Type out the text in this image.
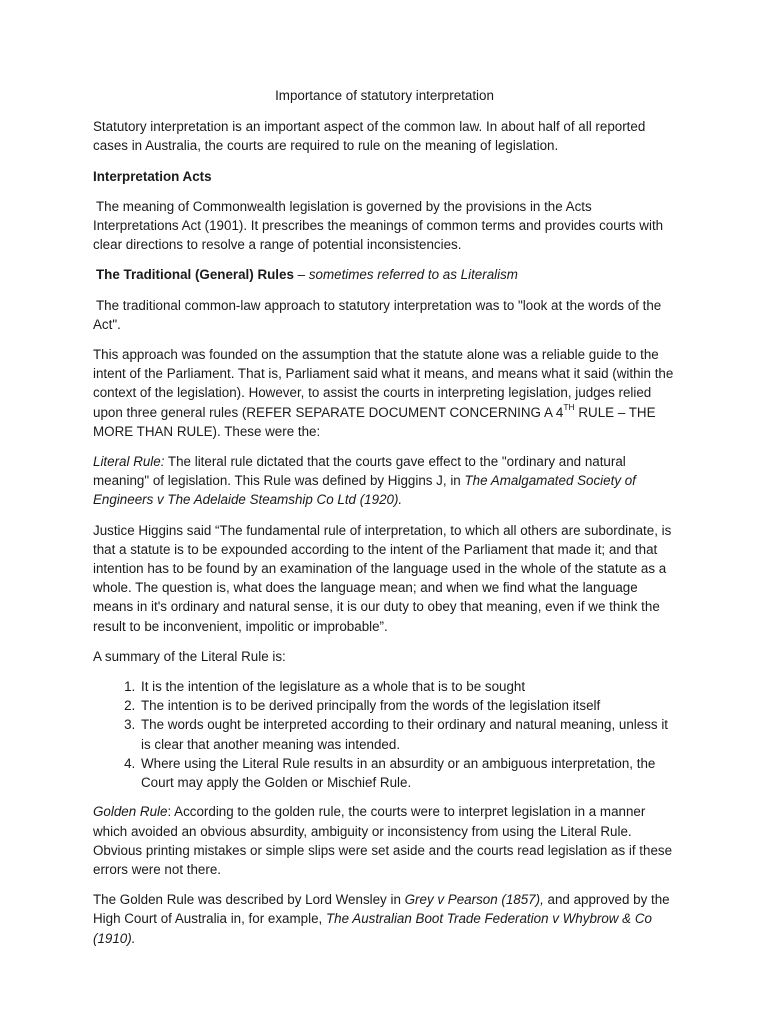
Importance of statutory interpretation

Statutory interpretation is an important aspect of the common law. In about half of all reported cases in Australia, the courts are required to rule on the meaning of legislation.

Interpretation Acts

The meaning of Commonwealth legislation is governed by the provisions in the Acts Interpretations Act (1901). It prescribes the meanings of common terms and provides courts with clear directions to resolve a range of potential inconsistencies.

The Traditional (General) Rules – sometimes referred to as Literalism

The traditional common-law approach to statutory interpretation was to "look at the words of the Act".

This approach was founded on the assumption that the statute alone was a reliable guide to the intent of the Parliament. That is, Parliament said what it means, and means what it said (within the context of the legislation). However, to assist the courts in interpreting legislation, judges relied upon three general rules (REFER SEPARATE DOCUMENT CONCERNING A 4TH RULE – THE MORE THAN RULE). These were the:

Literal Rule: The literal rule dictated that the courts gave effect to the "ordinary and natural meaning" of legislation. This Rule was defined by Higgins J, in The Amalgamated Society of Engineers v The Adelaide Steamship Co Ltd (1920).

Justice Higgins said “The fundamental rule of interpretation, to which all others are subordinate, is that a statute is to be expounded according to the intent of the Parliament that made it; and that intention has to be found by an examination of the language used in the whole of the statute as a whole. The question is, what does the language mean; and when we find what the language means in it's ordinary and natural sense, it is our duty to obey that meaning, even if we think the result to be inconvenient, impolitic or improbable”.

A summary of the Literal Rule is:

1. It is the intention of the legislature as a whole that is to be sought
2. The intention is to be derived principally from the words of the legislation itself
3. The words ought be interpreted according to their ordinary and natural meaning, unless it is clear that another meaning was intended.
4. Where using the Literal Rule results in an absurdity or an ambiguous interpretation, the Court may apply the Golden or Mischief Rule.

Golden Rule: According to the golden rule, the courts were to interpret legislation in a manner which avoided an obvious absurdity, ambiguity or inconsistency from using the Literal Rule. Obvious printing mistakes or simple slips were set aside and the courts read legislation as if these errors were not there.

The Golden Rule was described by Lord Wensley in Grey v Pearson (1857), and approved by the High Court of Australia in, for example, The Australian Boot Trade Federation v Whybrow & Co (1910).
